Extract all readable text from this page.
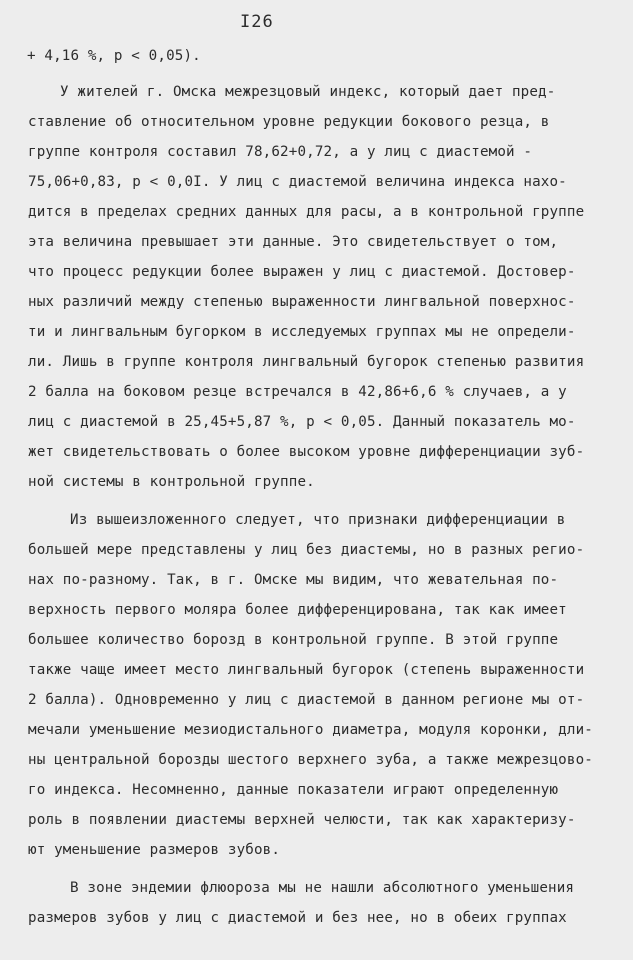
I26
+ 4,16 %, p < 0,05).
У жителей г. Омска межрезцовый индекс, который дает пред-
ставление об относительном уровне редукции бокового резца, в
группе контроля составил 78,62+0,72, а у лиц с диастемой -
75,06+0,83, p < 0,0I. У лиц с диастемой величина индекса нахо-
дится в пределах средних данных для расы, а в контрольной группе
эта величина превышает эти данные. Это свидетельствует о том,
что процесс редукции более выражен у лиц с диастемой. Достовер-
ных различий между степенью выраженности лингвальной поверхнос-
ти и лингвальным бугорком в исследуемых группах мы не определи-
ли. Лишь в группе контроля лингвальный бугорок степенью развития
2 балла на боковом резце встречался в 42,86+6,6 % случаев, а у
лиц с диастемой в 25,45+5,87 %, p < 0,05. Данный показатель мо-
жет свидетельствовать о более высоком уровне дифференциации зуб-
ной системы в контрольной группе.
Из вышеизложенного следует, что признаки дифференциации в
большей мере представлены у лиц без диастемы, но в разных регио-
нах по-разному. Так, в г. Омске мы видим, что жевательная по-
верхность первого моляра более дифференцирована, так как имеет
большее количество борозд в контрольной группе. В этой группе
также чаще имеет место лингвальный бугорок (степень выраженности
2 балла). Одновременно у лиц с диастемой в данном регионе мы от-
мечали уменьшение мезиодистального диаметра, модуля коронки, дли-
ны центральной борозды шестого верхнего зуба, а также межрезцово-
го индекса. Несомненно, данные показатели играют определенную
роль в появлении диастемы верхней челюсти, так как характеризу-
ют уменьшение размеров зубов.
В зоне эндемии флюороза мы не нашли абсолютного уменьшения
размеров зубов у лиц с диастемой и без нее, но в обеих группах
